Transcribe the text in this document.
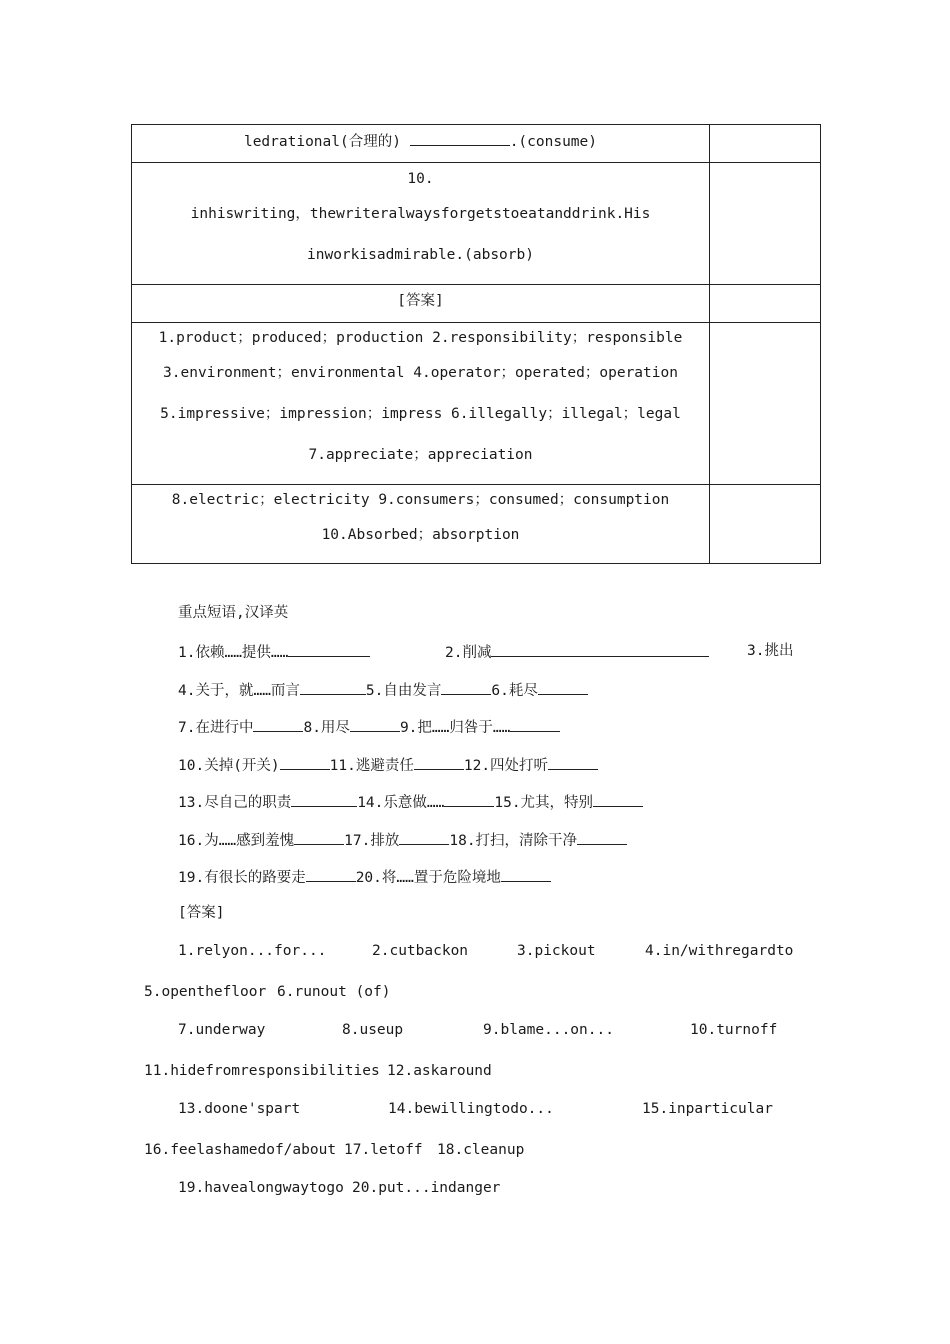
ledrational(合理的) .(consume)	

10.
inhiswriting，thewriteralwaysforgetstoeatanddrink.His
inworkisadmirable.(absorb)	

[答案]	

1.product；produced；production 2.responsibility；responsible
3.environment；environmental 4.operator；operated；operation
5.impressive；impression；impress 6.illegally；illegal；legal
7.appreciate；appreciation	

8.electric；electricity 9.consumers；consumed；consumption
10.Absorbed；absorption	

重点短语,汉译英
1.依赖……提供……	2.削减	3.挑出
4.关于，就……而言	5.自由发言	6.耗尽
7.在进行中	8.用尽	9.把……归咎于……
10.关掉(开关)	11.逃避责任	12.四处打听
13.尽自己的职责	14.乐意做……	15.尤其，特别
16.为……感到羞愧	17.排放	18.打扫，清除干净
19.有很长的路要走	20.将……置于危险境地
[答案]
1.relyon...for...	2.cutbackon	3.pickout	4.in/withregardto
5.openthefloor 6.runout (of)
7.underway	8.useup	9.blame...on...	10.turnoff
11.hidefromresponsibilities 12.askaround
13.doone'spart	14.bewillingtodo...	15.inparticular
16.feelashamedof/about 17.letoff 18.cleanup
19.havealongwaytogo 20.put...indanger
